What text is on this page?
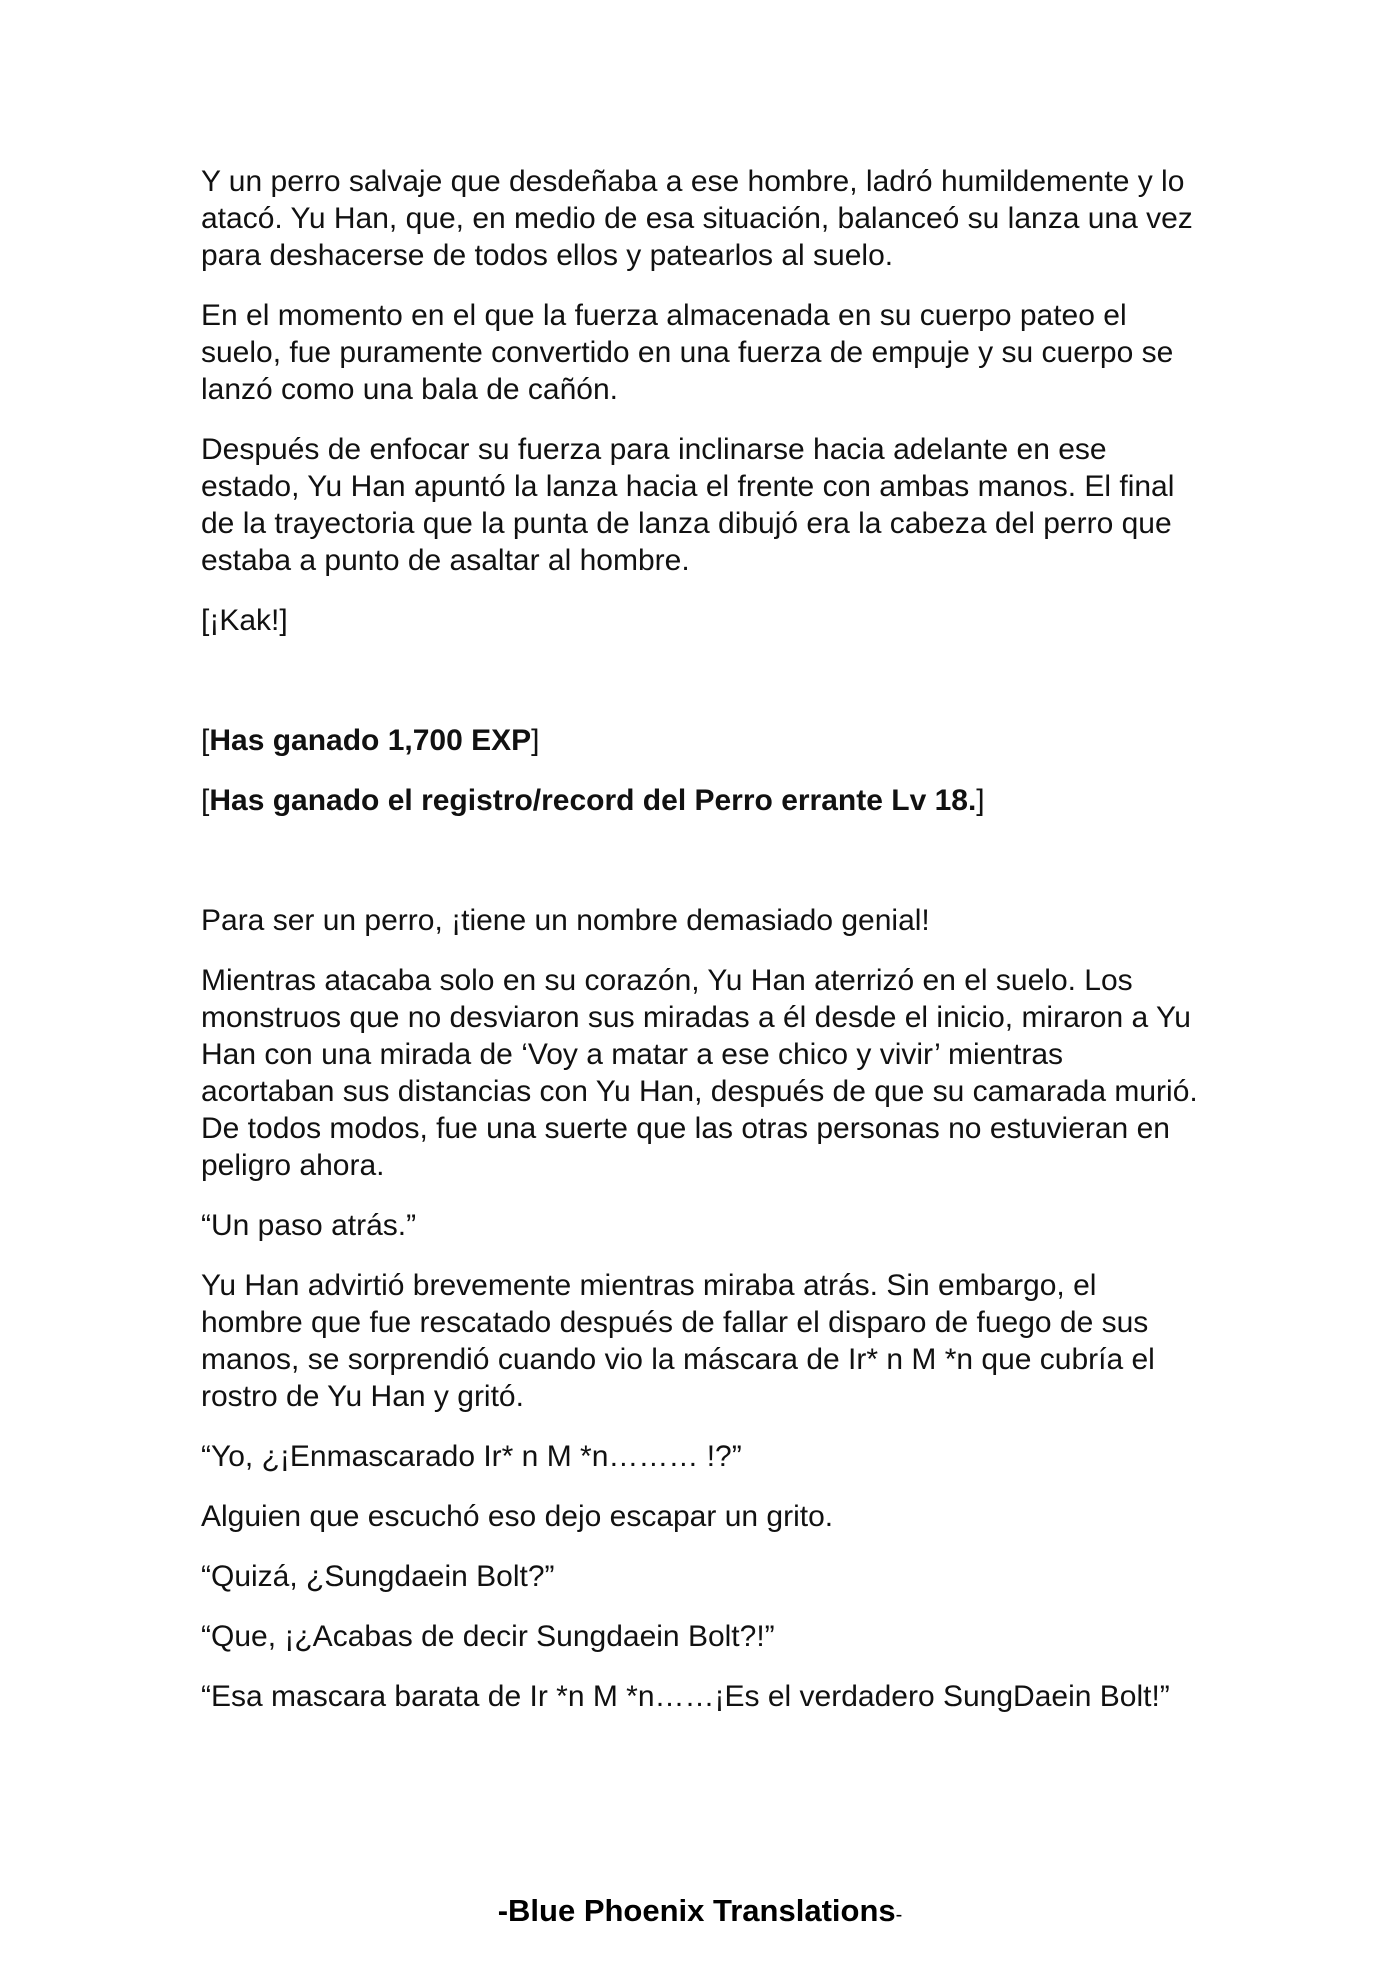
Y un perro salvaje que desdeñaba a ese hombre, ladró humildemente y lo atacó. Yu Han, que, en medio de esa situación, balanceó su lanza una vez para deshacerse de todos ellos y patearlos al suelo.

En el momento en el que la fuerza almacenada en su cuerpo pateo el suelo, fue puramente convertido en una fuerza de empuje y su cuerpo se lanzó como una bala de cañón.

Después de enfocar su fuerza para inclinarse hacia adelante en ese estado, Yu Han apuntó la lanza hacia el frente con ambas manos. El final de la trayectoria que la punta de lanza dibujó era la cabeza del perro que estaba a punto de asaltar al hombre.

[¡Kak!]

[Has ganado 1,700 EXP]

[Has ganado el registro/record del Perro errante Lv 18.]

Para ser un perro, ¡tiene un nombre demasiado genial!

Mientras atacaba solo en su corazón, Yu Han aterrizó en el suelo. Los monstruos que no desviaron sus miradas a él desde el inicio, miraron a Yu Han con una mirada de ‘Voy a matar a ese chico y vivir’ mientras acortaban sus distancias con Yu Han, después de que su camarada murió. De todos modos, fue una suerte que las otras personas no estuvieran en peligro ahora.

“Un paso atrás.”

Yu Han advirtió brevemente mientras miraba atrás. Sin embargo, el hombre que fue rescatado después de fallar el disparo de fuego de sus manos, se sorprendió cuando vio la máscara de Ir* n M *n que cubría el rostro de Yu Han y gritó.

“Yo, ¿¡Enmascarado Ir* n M *n……… !?”

Alguien que escuchó eso dejo escapar un grito.

“Quizá, ¿Sungdaein Bolt?”

“Que, ¡¿Acabas de decir Sungdaein Bolt?!”

“Esa mascara barata de Ir *n M *n……¡Es el verdadero SungDaein Bolt!”

-Blue Phoenix Translations-
